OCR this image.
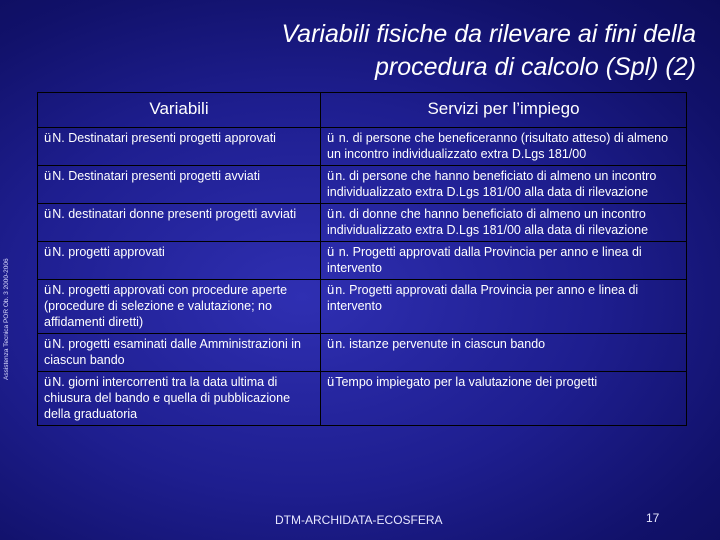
Variabili fisiche da rilevare ai fini della
procedura di calcolo (Spl) (2)
Assistenza Tecnica POR Ob. 3 2000-2006
Variabili	Servizi per l’impiego
üN. Destinatari presenti progetti approvati	ü n. di persone che beneficeranno (risultato atteso) di almeno un incontro individualizzato extra D.Lgs 181/00
üN. Destinatari presenti progetti avviati	ün. di persone che hanno beneficiato di almeno un incontro individualizzato extra D.Lgs 181/00 alla data di rilevazione
üN. destinatari donne presenti progetti avviati	ün. di donne che hanno beneficiato di almeno un incontro individualizzato extra D.Lgs 181/00 alla data di rilevazione
üN. progetti approvati	ü n. Progetti approvati dalla Provincia per anno e linea di intervento
üN. progetti approvati con procedure aperte (procedure di selezione e valutazione; no affidamenti diretti)	ün. Progetti approvati dalla Provincia per anno e linea di intervento
üN. progetti esaminati dalle Amministrazioni in ciascun bando	ün. istanze pervenute in ciascun bando
üN. giorni intercorrenti tra la data ultima di chiusura del bando e quella di pubblicazione della graduatoria	üTempo impiegato per la valutazione dei progetti
DTM-ARCHIDATA-ECOSFERA	17
